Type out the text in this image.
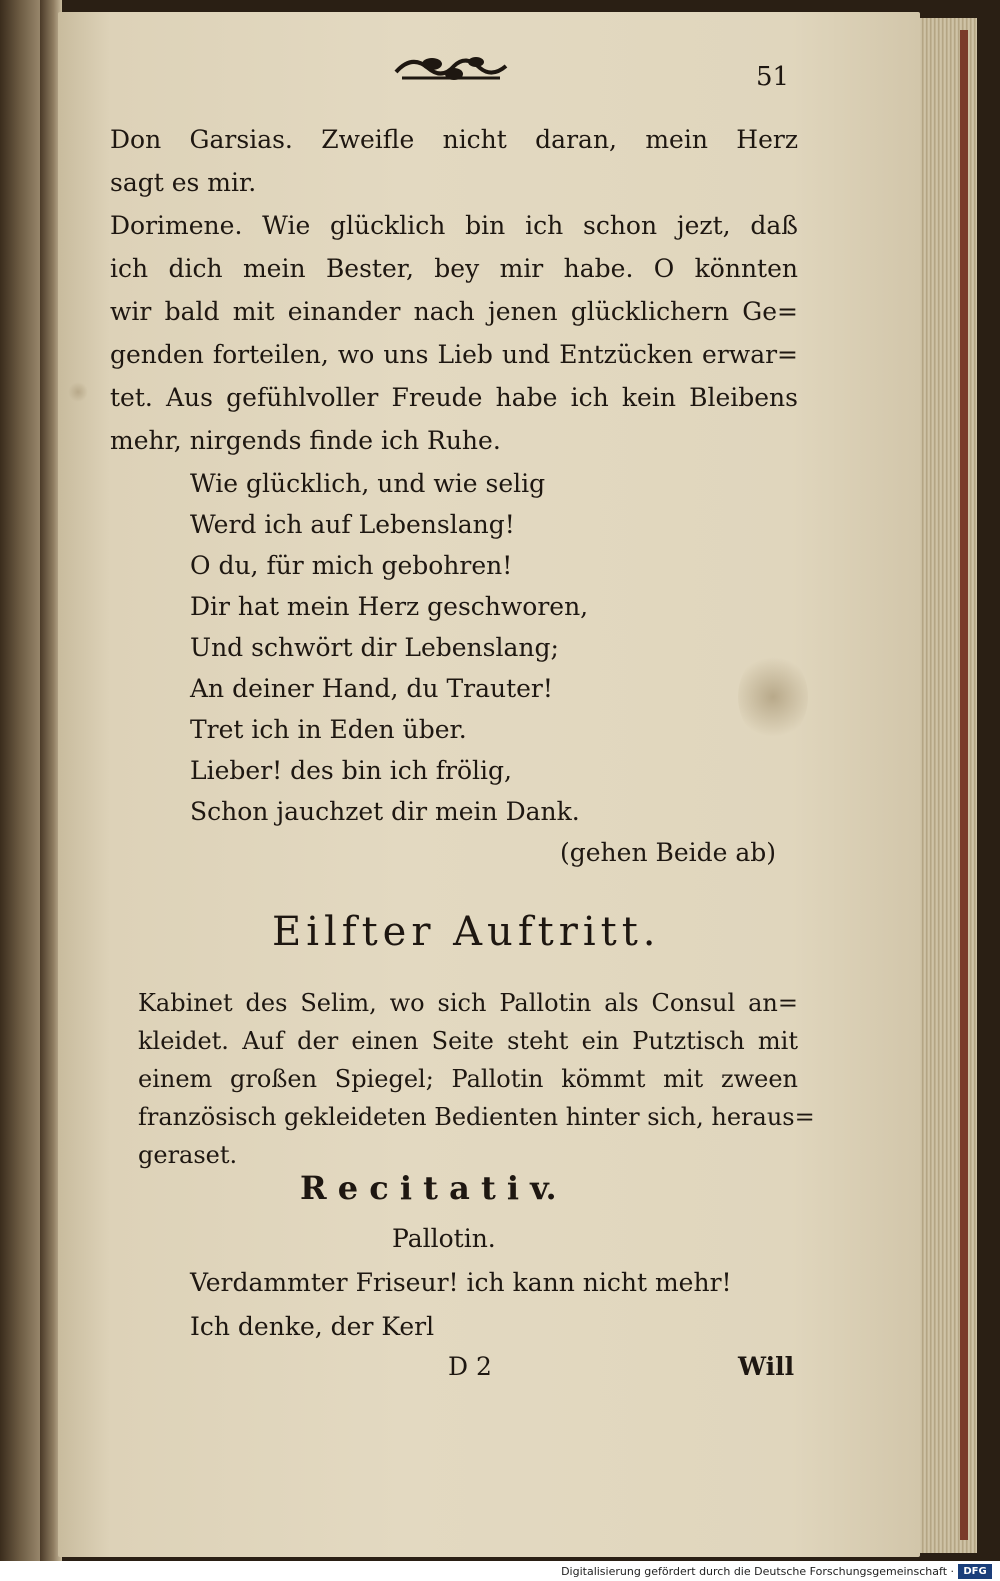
51
Don Garsias. Zweifle nicht daran, mein Herz
sagt es mir.
Dorimene. Wie glücklich bin ich schon jezt, daß
ich dich mein Bester, bey mir habe. O könnten
wir bald mit einander nach jenen glücklichern Ge=
genden forteilen, wo uns Lieb und Entzücken erwar=
tet. Aus gefühlvoller Freude habe ich kein Bleibens
mehr, nirgends finde ich Ruhe.
Wie glücklich, und wie selig
Werd ich auf Lebenslang!
O du, für mich gebohren!
Dir hat mein Herz geschworen,
Und schwört dir Lebenslang;
An deiner Hand, du Trauter!
Tret ich in Eden über.
Lieber! des bin ich frölig,
Schon jauchzet dir mein Dank.
(gehen Beide ab)
Eilfter Auftritt.
Kabinet des Selim, wo sich Pallotin als Consul an=
kleidet. Auf der einen Seite steht ein Putztisch mit
einem großen Spiegel; Pallotin kömmt mit zween
französisch gekleideten Bedienten hinter sich, heraus=
geraset.
R e c i t a t i v.
Pallotin.
Verdammter Friseur! ich kann nicht mehr!
Ich denke, der Kerl
D 2	Will
Digitalisierung gefördert durch die Deutsche Forschungsgemeinschaft · DFG
